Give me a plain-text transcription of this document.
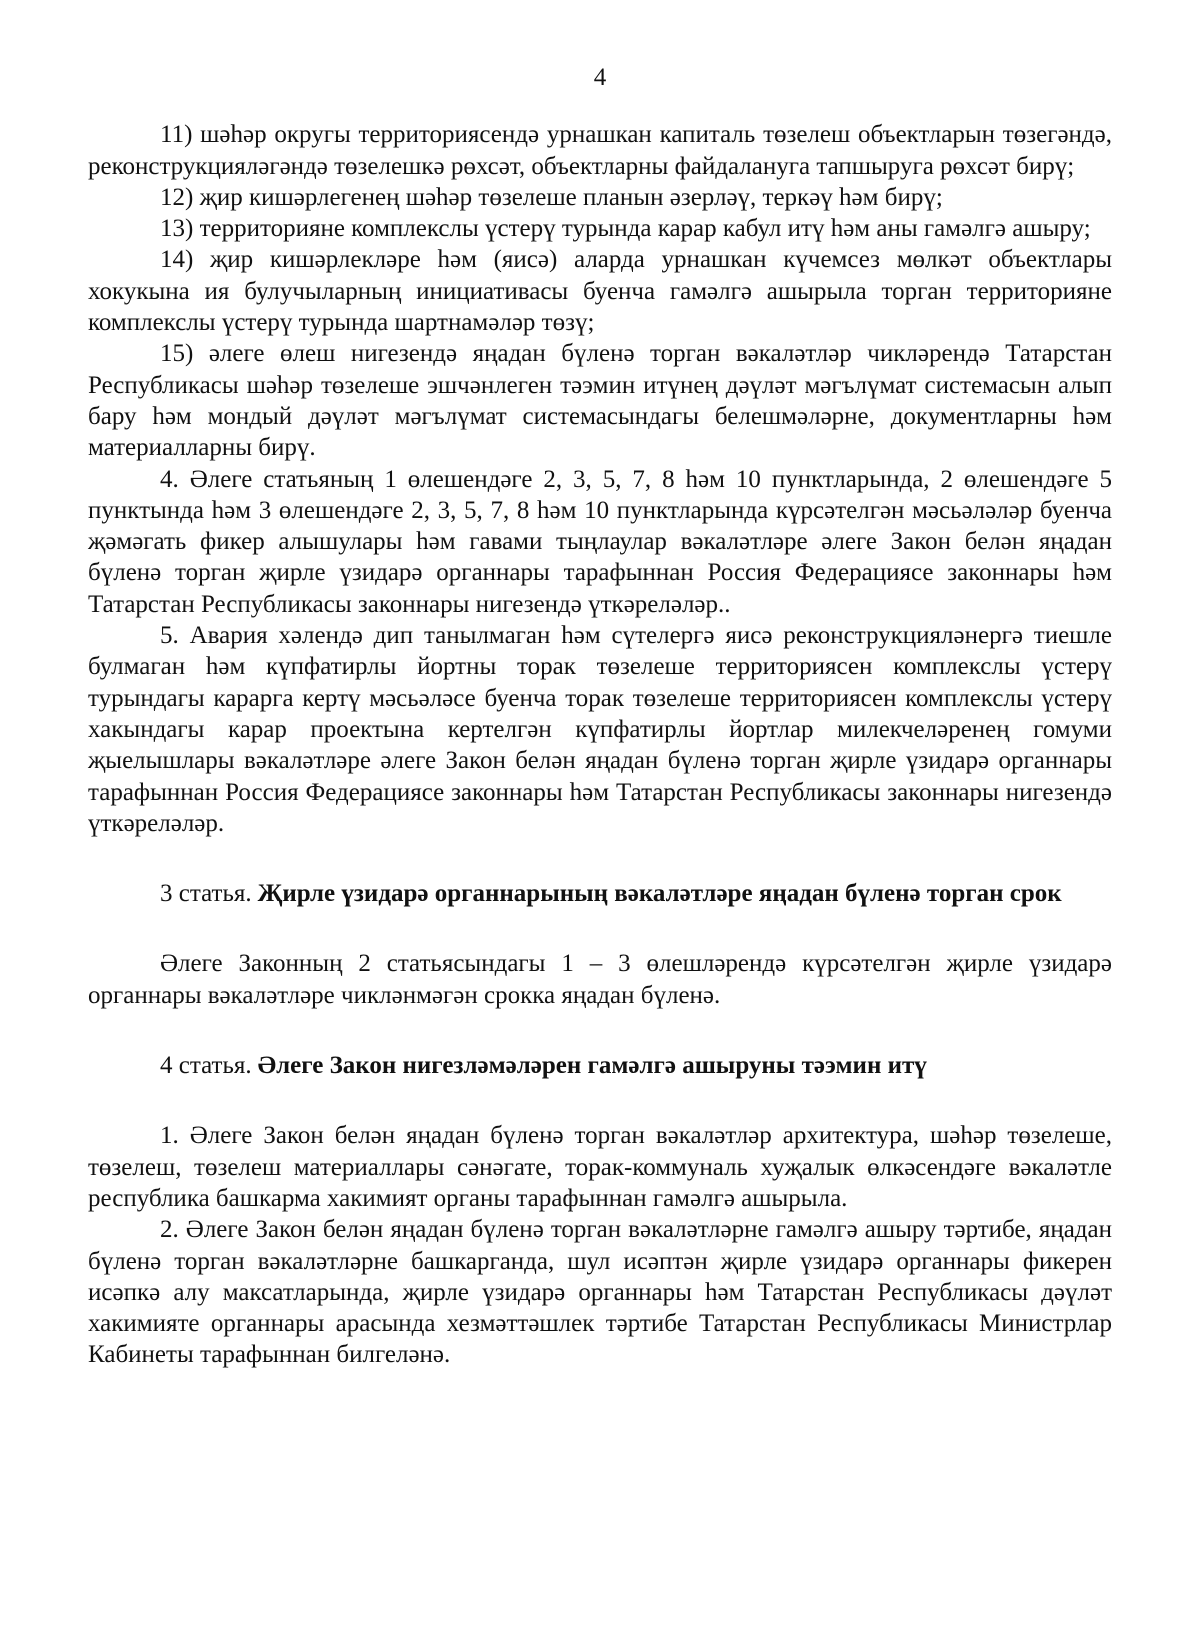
4

11) шәһәр округы территориясендә урнашкан капиталь төзелеш объектларын төзегәндә, реконструкцияләгәндә төзелешкә рөхсәт, объектларны файдалануга тапшыруга рөхсәт бирү;

12) җир кишәрлегенең шәһәр төзелеше планын әзерләү, теркәү һәм бирү;

13) территорияне комплекслы үстерү турында карар кабул итү һәм аны гамәлгә ашыру;

14) җир кишәрлекләре һәм (яисә) аларда урнашкан күчемсез мөлкәт объектлары хокукына ия булучыларның инициативасы буенча гамәлгә ашырыла торган территорияне комплекслы үстерү турында шартнамәләр төзү;

15) әлеге өлеш нигезендә яңадан бүленә торган вәкаләтләр чикләрендә Татарстан Республикасы шәһәр төзелеше эшчәнлеген тәэмин итүнең дәүләт мәгълүмат системасын алып бару һәм мондый дәүләт мәгълүмат системасындагы белешмәләрне, документларны һәм материалларны бирү.

4. Әлеге статьяның 1 өлешендәге 2, 3, 5, 7, 8 һәм 10 пунктларында, 2 өлешендәге 5 пунктында һәм 3 өлешендәге 2, 3, 5, 7, 8 һәм 10 пунктларында күрсәтелгән мәсьәләләр буенча җәмәгать фикер алышулары һәм гавами тыңлаулар вәкаләтләре әлеге Закон белән яңадан бүленә торган җирле үзидарә органнары тарафыннан Россия Федерациясе законнары һәм Татарстан Республикасы законнары нигезендә үткәреләләр..

5. Авария хәлендә дип танылмаган һәм сүтелергә яисә реконструкцияләнергә тиешле булмаган һәм күпфатирлы йортны торак төзелеше территориясен комплекслы үстерү турындагы карарга кертү мәсьәләсе буенча торак төзелеше территориясен комплекслы үстерү хакындагы карар проектына кертелгән күпфатирлы йортлар милекчеләренең гомуми җыелышлары вәкаләтләре әлеге Закон белән яңадан бүленә торган җирле үзидарә органнары тарафыннан Россия Федерациясе законнары һәм Татарстан Республикасы законнары нигезендә үткәреләләр.

3 статья. Җирле үзидарә органнарының вәкаләтләре яңадан бүленә торган срок

Әлеге Законның 2 статьясындагы 1 – 3 өлешләрендә күрсәтелгән җирле үзидарә органнары вәкаләтләре чикләнмәгән срокка яңадан бүленә.

4 статья. Әлеге Закон нигезләмәләрен гамәлгә ашыруны тәэмин итү

1. Әлеге Закон белән яңадан бүленә торган вәкаләтләр архитектура, шәһәр төзелеше, төзелеш, төзелеш материаллары сәнәгате, торак-коммуналь хуҗалык өлкәсендәге вәкаләтле республика башкарма хакимият органы тарафыннан гамәлгә ашырыла.

2. Әлеге Закон белән яңадан бүленә торган вәкаләтләрне гамәлгә ашыру тәртибе, яңадан бүленә торган вәкаләтләрне башкарганда, шул исәптән җирле үзидарә органнары фикерен исәпкә алу максатларында, җирле үзидарә органнары һәм Татарстан Республикасы дәүләт хакимияте органнары арасында хезмәттәшлек тәртибе Татарстан Республикасы Министрлар Кабинеты тарафыннан билгеләнә.
